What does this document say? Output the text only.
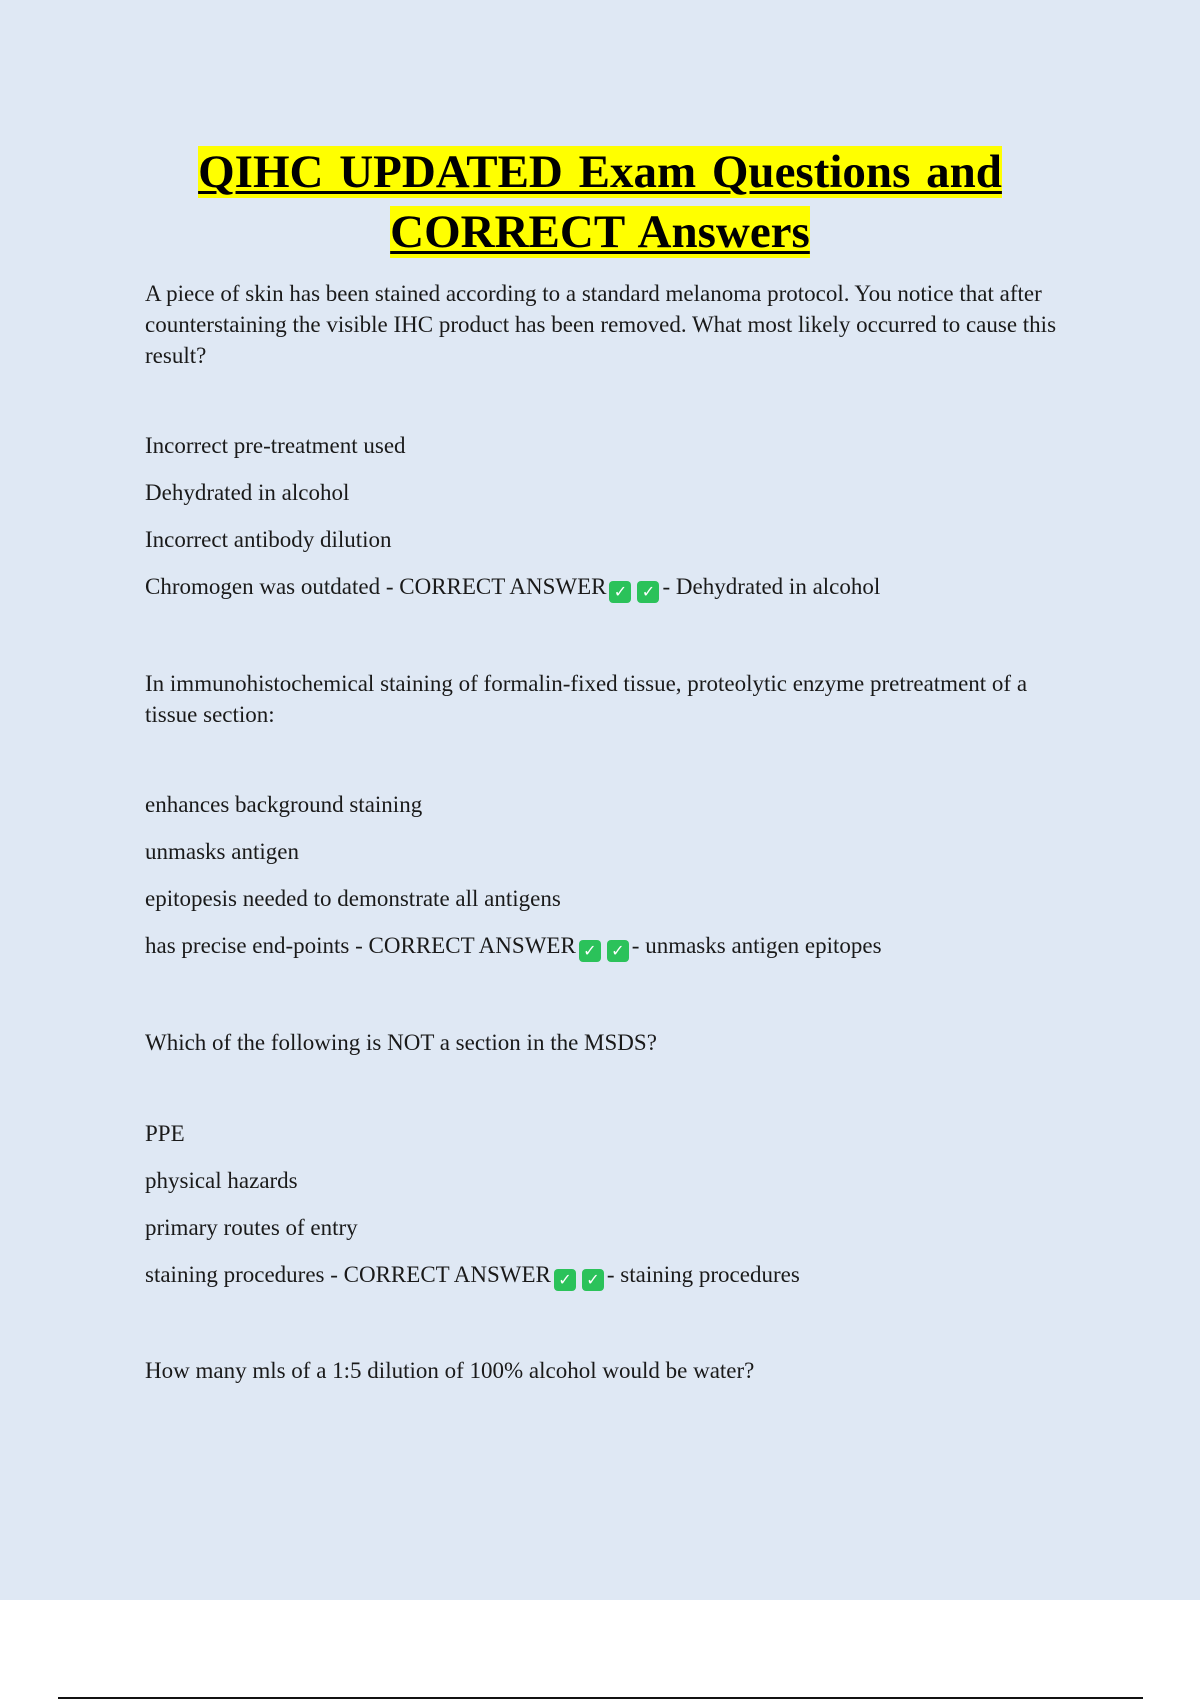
QIHC UPDATED Exam Questions and
CORRECT Answers

A piece of skin has been stained according to a standard melanoma protocol. You notice that after counterstaining the visible IHC product has been removed. What most likely occurred to cause this result?

Incorrect pre-treatment used
Dehydrated in alcohol
Incorrect antibody dilution
Chromogen was outdated - CORRECT ANSWER ✓ ✓ - Dehydrated in alcohol

In immunohistochemical staining of formalin-fixed tissue, proteolytic enzyme pretreatment of a tissue section:

enhances background staining
unmasks antigen
epitopesis needed to demonstrate all antigens
has precise end-points - CORRECT ANSWER ✓ ✓ - unmasks antigen epitopes

Which of the following is NOT a section in the MSDS?

PPE
physical hazards
primary routes of entry
staining procedures - CORRECT ANSWER ✓ ✓ - staining procedures

How many mls of a 1:5 dilution of 100% alcohol would be water?
